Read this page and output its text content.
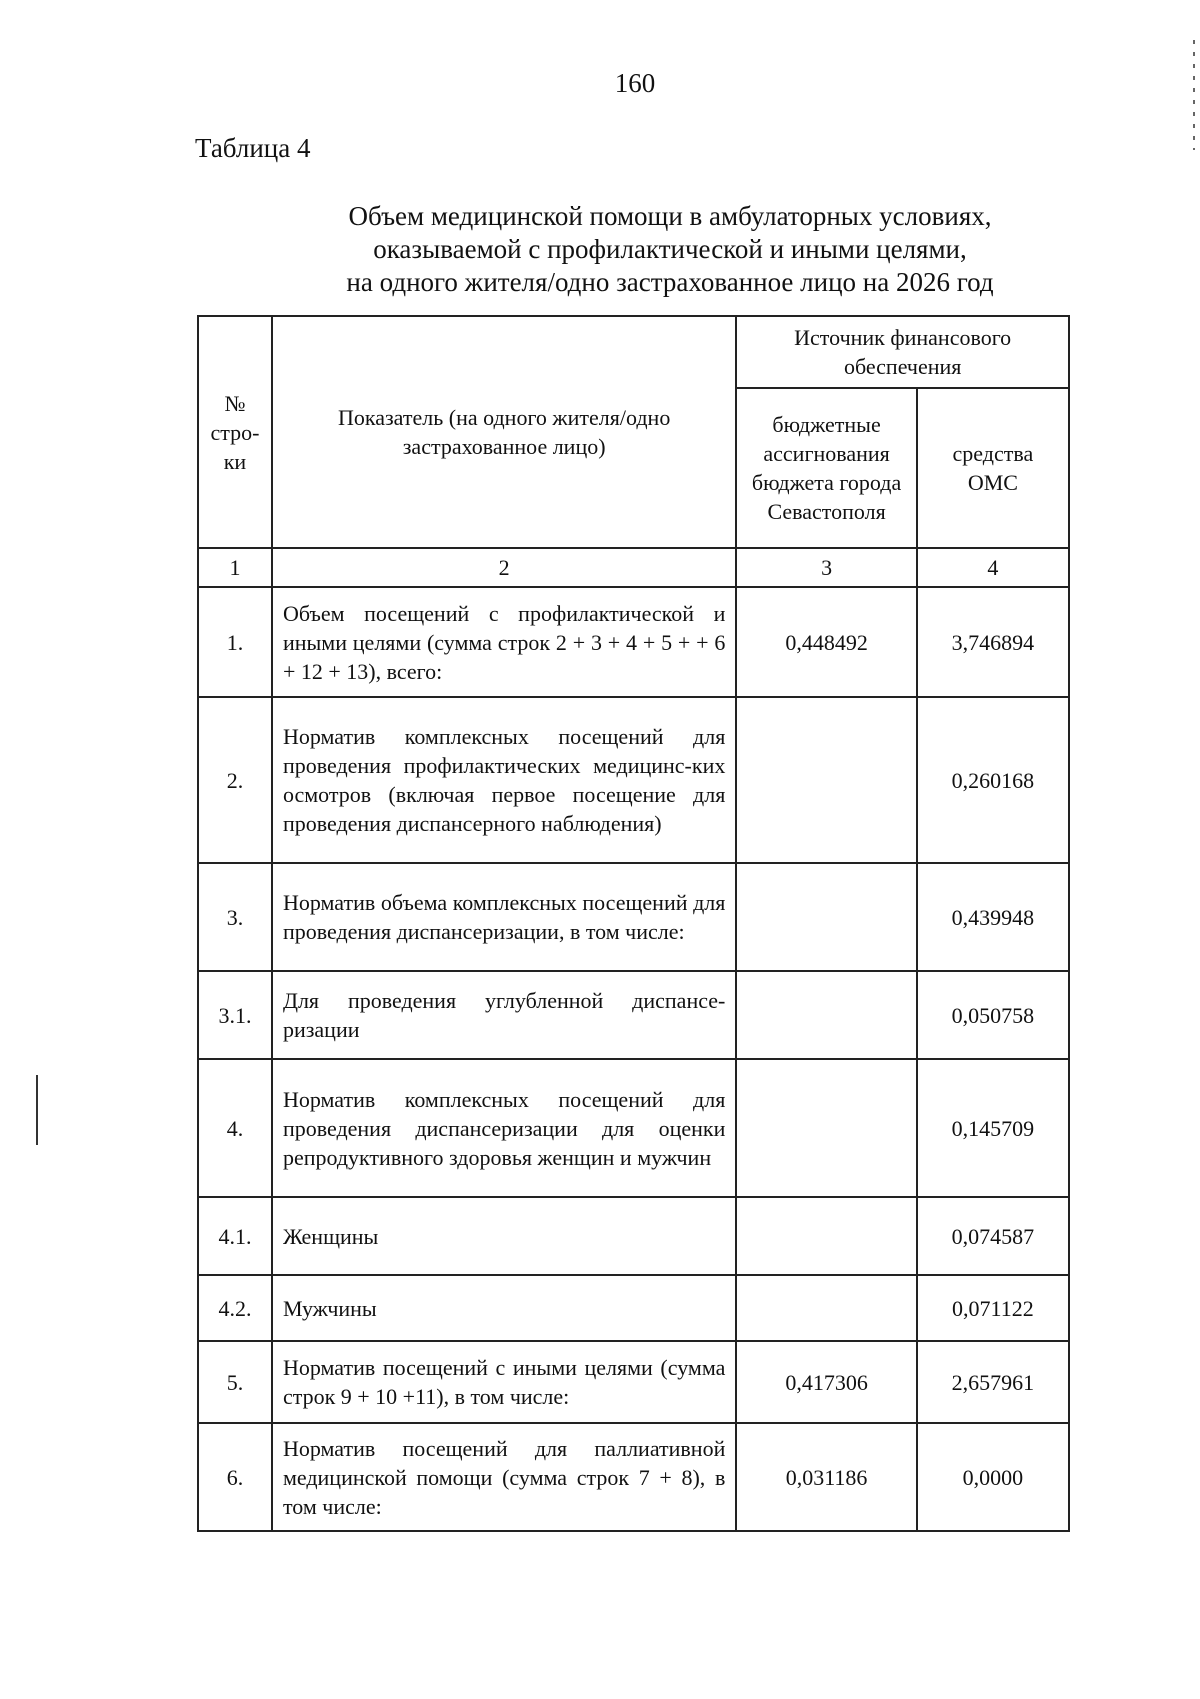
160
Таблица 4
Объем медицинской помощи в амбулаторных условиях,
оказываемой с профилактической и иными целями,
на одного жителя/одно застрахованное лицо на 2026 год
№ стро-ки	Показатель (на одного жителя/одно застрахованное лицо)	Источник финансового обеспечения	
		бюджетные ассигнования бюджета города Севастополя	средства ОМС
1	2	3	4
1.	Объем посещений с профилактической и иными целями (сумма строк 2 + 3 + 4 + 5 + + 6 + 12 + 13), всего:	0,448492	3,746894
2.	Норматив комплексных посещений для проведения профилактических медицинс-ких осмотров (включая первое посещение для проведения диспансерного наблюдения)		0,260168
3.	Норматив объема комплексных посещений для проведения диспансеризации, в том числе:		0,439948
3.1.	Для проведения углубленной диспансе-ризации		0,050758
4.	Норматив комплексных посещений для проведения диспансеризации для оценки репродуктивного здоровья женщин и мужчин		0,145709
4.1.	Женщины		0,074587
4.2.	Мужчины		0,071122
5.	Норматив посещений с иными целями (сумма строк 9 + 10 +11), в том числе:	0,417306	2,657961
6.	Норматив посещений для паллиативной медицинской помощи (сумма строк 7 + 8), в том числе:	0,031186	0,0000
